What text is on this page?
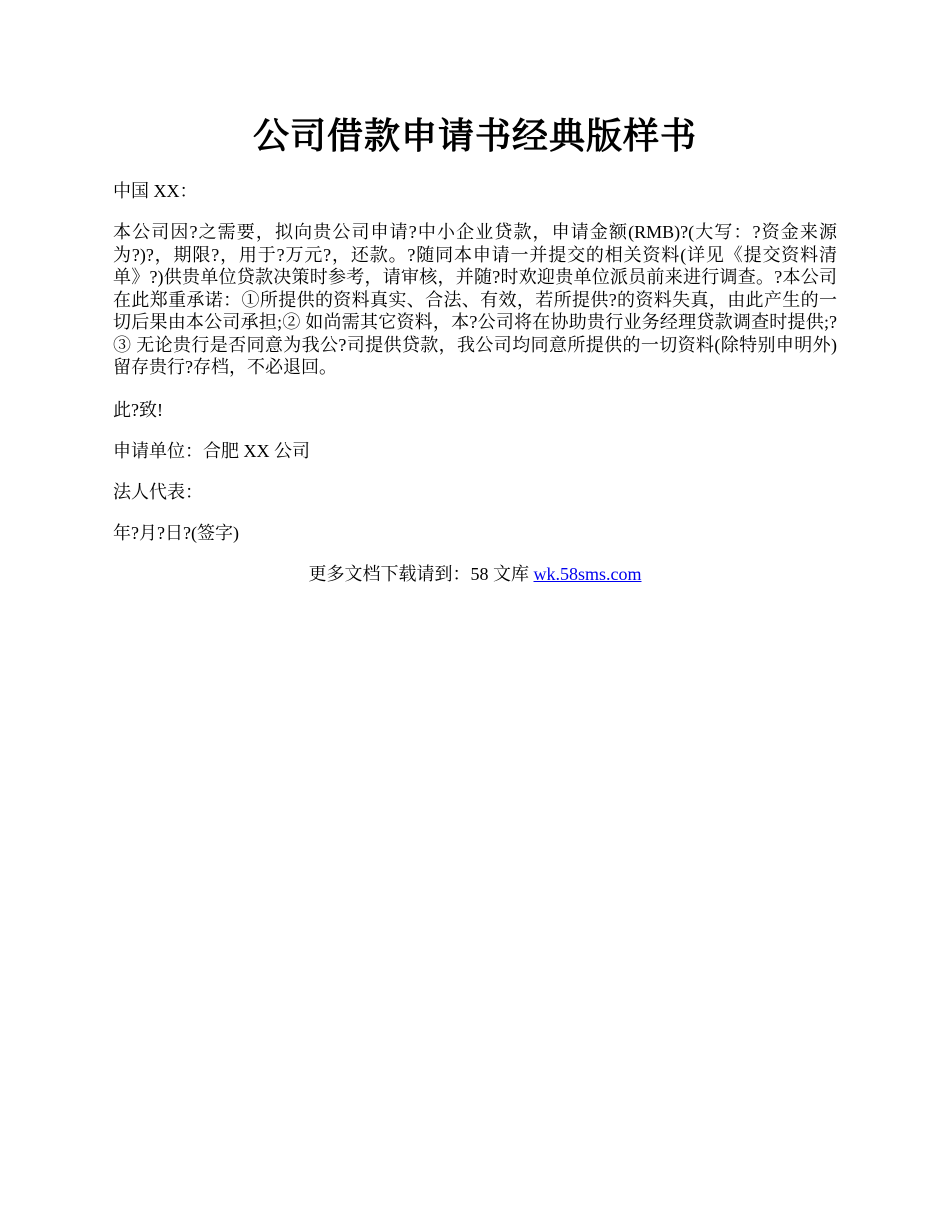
公司借款申请书经典版样书

中国 XX：

本公司因?之需要，拟向贵公司申请?中小企业贷款，申请金额(RMB)?(大写：?资金来源为?)?，期限?，用于?万元?，还款。?随同本申请一并提交的相关资料(详见《提交资料清单》?)供贵单位贷款决策时参考，请审核，并随?时欢迎贵单位派员前来进行调查。?本公司在此郑重承诺：①所提供的资料真实、合法、有效，若所提供?的资料失真，由此产生的一切后果由本公司承担;② 如尚需其它资料，本?公司将在协助贵行业务经理贷款调查时提供;?③ 无论贵行是否同意为我公?司提供贷款，我公司均同意所提供的一切资料(除特别申明外)留存贵行?存档，不必退回。

此?致!

申请单位：合肥 XX 公司

法人代表：

年?月?日?(签字)

更多文档下载请到：58 文库 wk.58sms.com
